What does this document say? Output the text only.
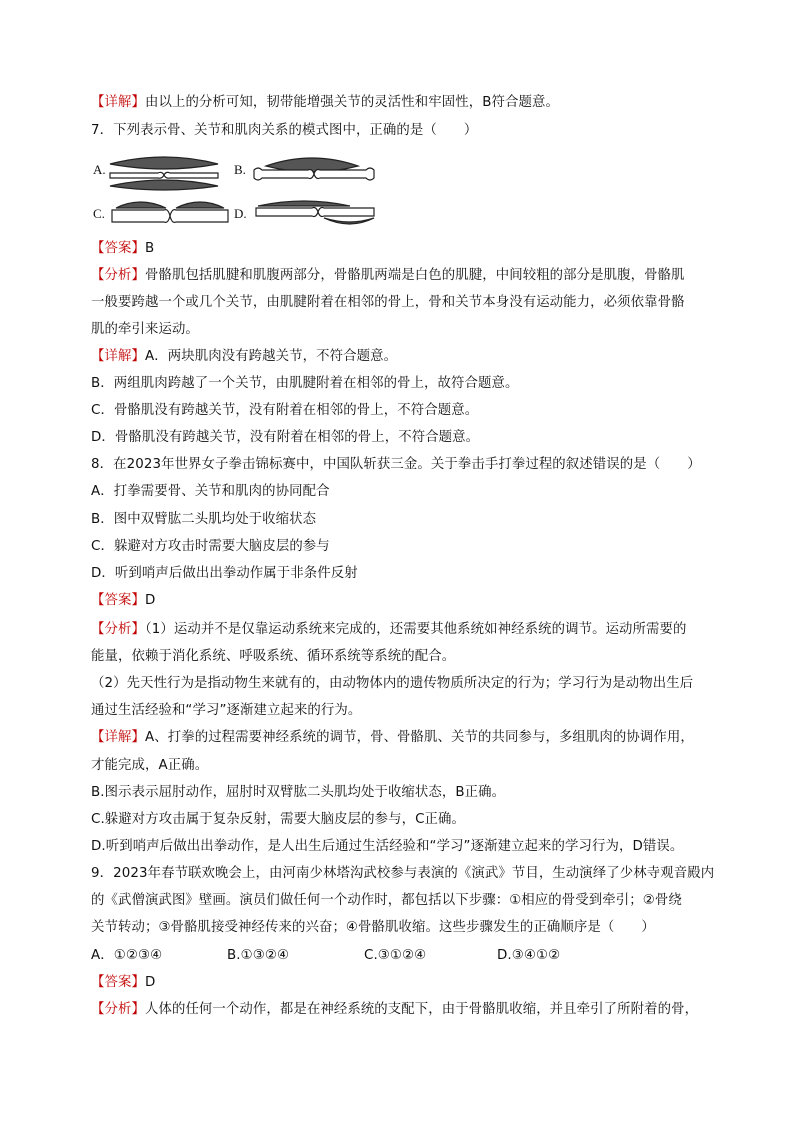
【详解】由以上的分析可知，韧带能增强关节的灵活性和牢固性，B符合题意。
7．下列表示骨、关节和肌肉关系的模式图中，正确的是（　　）
A.	B.
C.	D.
【答案】B
【分析】骨骼肌包括肌腱和肌腹两部分，骨骼肌两端是白色的肌腱，中间较粗的部分是肌腹，骨骼肌
一般要跨越一个或几个关节，由肌腱附着在相邻的骨上，骨和关节本身没有运动能力，必须依靠骨骼
肌的牵引来运动。
【详解】A．两块肌肉没有跨越关节，不符合题意。
B．两组肌肉跨越了一个关节，由肌腱附着在相邻的骨上，故符合题意。
C．骨骼肌没有跨越关节，没有附着在相邻的骨上，不符合题意。
D．骨骼肌没有跨越关节，没有附着在相邻的骨上，不符合题意。
8．在2023年世界女子拳击锦标赛中，中国队斩获三金。关于拳击手打拳过程的叙述错误的是（　　）
A．打拳需要骨、关节和肌肉的协同配合
B．图中双臂肱二头肌均处于收缩状态
C．躲避对方攻击时需要大脑皮层的参与
D．听到哨声后做出出拳动作属于非条件反射
【答案】D
【分析】（1）运动并不是仅靠运动系统来完成的，还需要其他系统如神经系统的调节。运动所需要的
能量，依赖于消化系统、呼吸系统、循环系统等系统的配合。
（2）先天性行为是指动物生来就有的，由动物体内的遗传物质所决定的行为；学习行为是动物出生后
通过生活经验和“学习”逐渐建立起来的行为。
【详解】A、打拳的过程需要神经系统的调节，骨、骨骼肌、关节的共同参与，多组肌肉的协调作用，
才能完成，A正确。
B.图示表示屈肘动作，屈肘时双臂肱二头肌均处于收缩状态，B正确。
C.躲避对方攻击属于复杂反射，需要大脑皮层的参与，C正确。
D.听到哨声后做出出拳动作，是人出生后通过生活经验和“学习”逐渐建立起来的学习行为，D错误。
9．2023年春节联欢晚会上，由河南少林塔沟武校参与表演的《演武》节目，生动演绎了少林寺观音殿内
的《武僧演武图》壁画。演员们做任何一个动作时，都包括以下步骤：①相应的骨受到牵引；②骨绕
关节转动；③骨骼肌接受神经传来的兴奋；④骨骼肌收缩。这些步骤发生的正确顺序是（　　）
A．①②③④	B.①③②④	C.③①②④	D.③④①②
【答案】D
【分析】人体的任何一个动作，都是在神经系统的支配下，由于骨骼肌收缩，并且牵引了所附着的骨，
